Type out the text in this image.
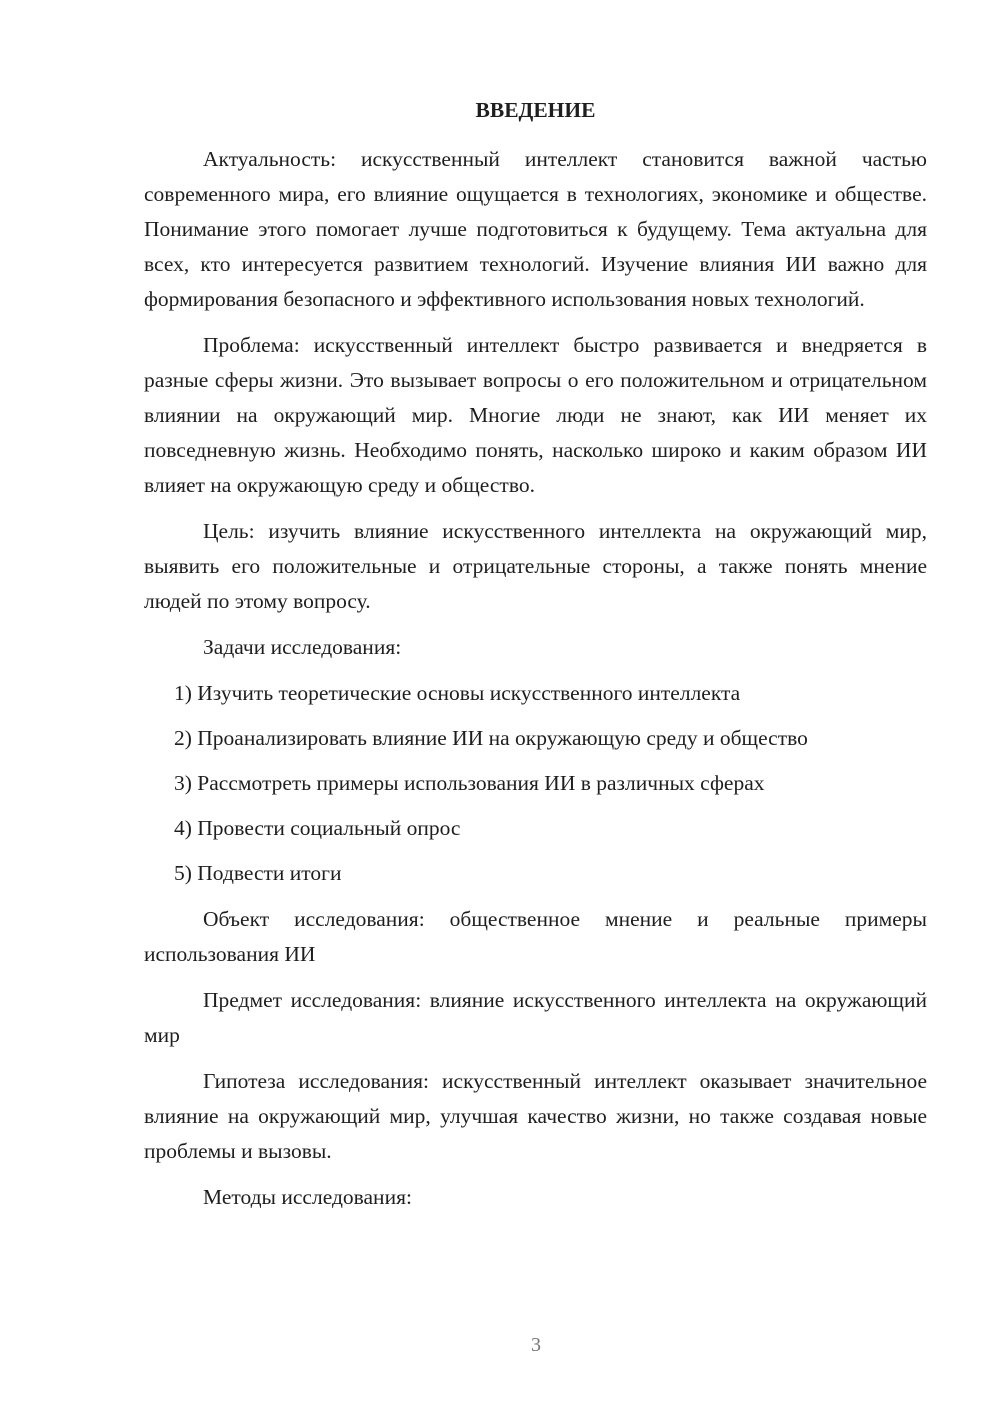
ВВЕДЕНИЕ

Актуальность: искусственный интеллект становится важной частью современного мира, его влияние ощущается в технологиях, экономике и обществе. Понимание этого помогает лучше подготовиться к будущему. Тема актуальна для всех, кто интересуется развитием технологий. Изучение влияния ИИ важно для формирования безопасного и эффективного использования новых технологий.

Проблема: искусственный интеллект быстро развивается и внедряется в разные сферы жизни. Это вызывает вопросы о его положительном и отрицательном влиянии на окружающий мир. Многие люди не знают, как ИИ меняет их повседневную жизнь. Необходимо понять, насколько широко и каким образом ИИ влияет на окружающую среду и общество.

Цель: изучить влияние искусственного интеллекта на окружающий мир, выявить его положительные и отрицательные стороны, а также понять мнение людей по этому вопросу.

Задачи исследования:

1) Изучить теоретические основы искусственного интеллекта
2) Проанализировать влияние ИИ на окружающую среду и общество
3) Рассмотреть примеры использования ИИ в различных сферах
4) Провести социальный опрос
5) Подвести итоги

Объект исследования: общественное мнение и реальные примеры использования ИИ

Предмет исследования: влияние искусственного интеллекта на окружающий мир

Гипотеза исследования: искусственный интеллект оказывает значительное влияние на окружающий мир, улучшая качество жизни, но также создавая новые проблемы и вызовы.

Методы исследования:

3
